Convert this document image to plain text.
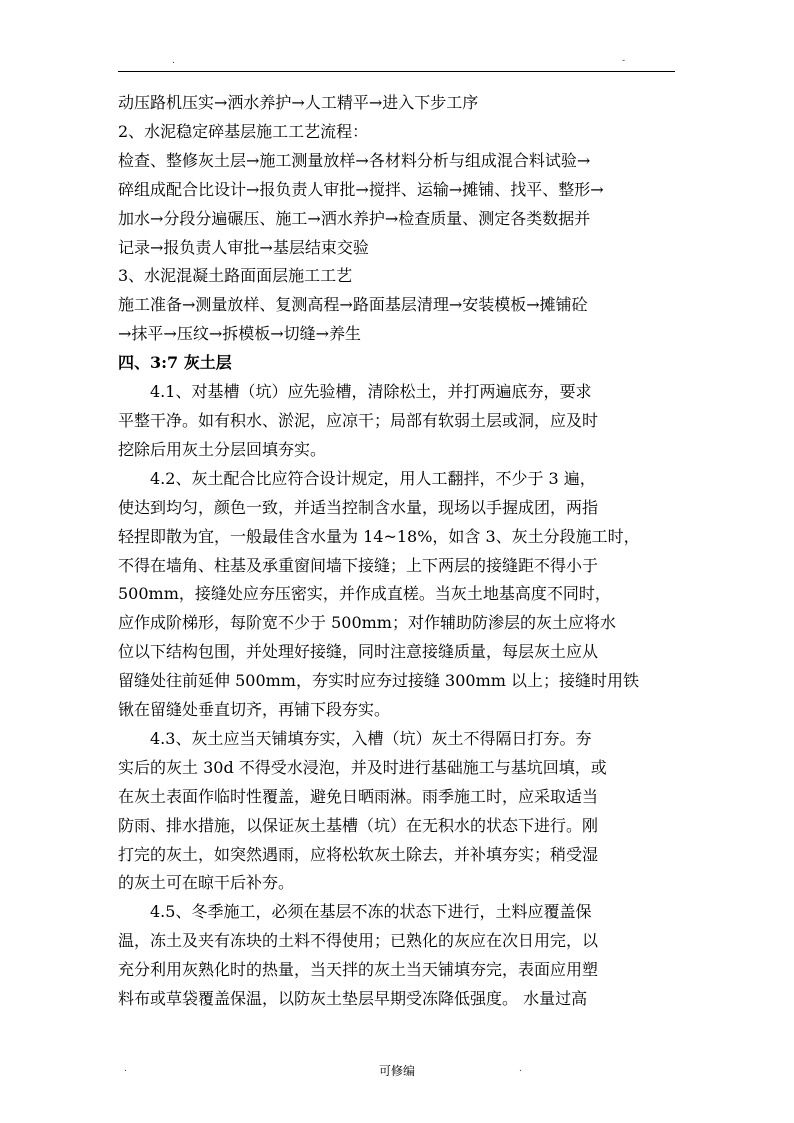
.	-

动压路机压实→洒水养护→人工精平→进入下步工序

2、水泥稳定碎基层施工工艺流程：

检查、整修灰土层→施工测量放样→各材料分析与组成混合料试验→

碎组成配合比设计→报负责人审批→搅拌、运输→摊铺、找平、整形→

加水→分段分遍碾压、施工→洒水养护→检查质量、测定各类数据并

记录→报负责人审批→基层结束交验

3、水泥混凝土路面面层施工工艺

施工准备→测量放样、复测高程→路面基层清理→安装模板→摊铺砼

→抹平→压纹→拆模板→切缝→养生

四、3:7 灰土层

4.1、对基槽（坑）应先验槽，清除松土，并打两遍底夯，要求

平整干净。如有积水、淤泥，应凉干；局部有软弱土层或洞，应及时

挖除后用灰土分层回填夯实。

4.2、灰土配合比应符合设计规定，用人工翻拌，不少于 3 遍，

使达到均匀，颜色一致，并适当控制含水量，现场以手握成团，两指

轻捏即散为宜，一般最佳含水量为 14~18%，如含 3、灰土分段施工时，

不得在墙角、柱基及承重窗间墙下接缝；上下两层的接缝距不得小于

500mm，接缝处应夯压密实，并作成直槎。当灰土地基高度不同时，

应作成阶梯形，每阶宽不少于 500mm；对作辅助防渗层的灰土应将水

位以下结构包围，并处理好接缝，同时注意接缝质量，每层灰土应从

留缝处往前延伸 500mm，夯实时应夯过接缝 300mm 以上；接缝时用铁

锹在留缝处垂直切齐，再铺下段夯实。

4.3、灰土应当天铺填夯实，入槽（坑）灰土不得隔日打夯。夯

实后的灰土 30d 不得受水浸泡，并及时进行基础施工与基坑回填，或

在灰土表面作临时性覆盖，避免日晒雨淋。雨季施工时，应采取适当

防雨、排水措施，以保证灰土基槽（坑）在无积水的状态下进行。刚

打完的灰土，如突然遇雨，应将松软灰土除去，并补填夯实；稍受湿

的灰土可在晾干后补夯。

4.5、冬季施工，必须在基层不冻的状态下进行，土料应覆盖保

温，冻土及夹有冻块的土料不得使用；已熟化的灰应在次日用完，以

充分利用灰熟化时的热量，当天拌的灰土当天铺填夯完，表面应用塑

料布或草袋覆盖保温，以防灰土垫层早期受冻降低强度。 水量过高

.	可修编	.
